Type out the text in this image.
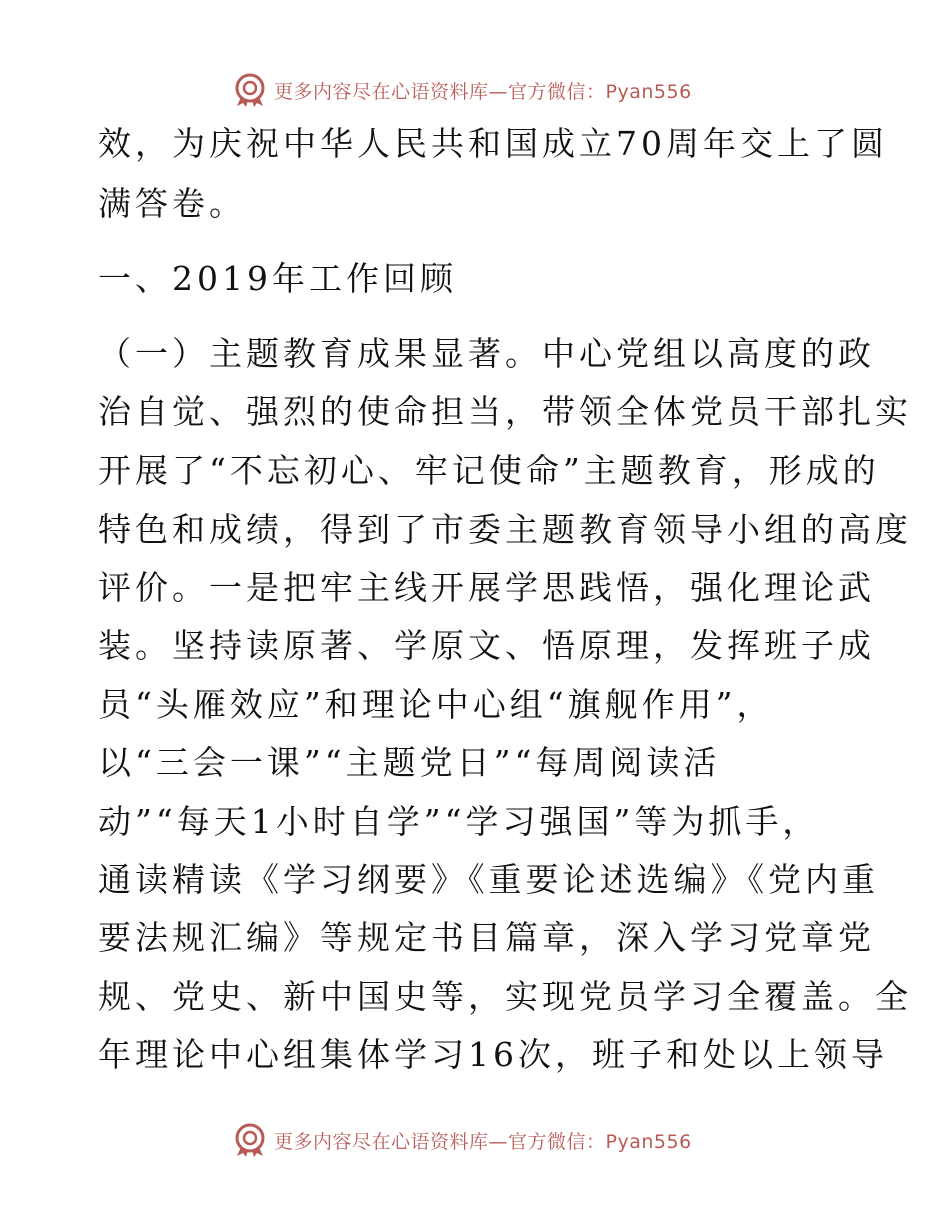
更多内容尽在心语资料库—官方微信：Pyan556
效，为庆祝中华人民共和国成立70周年交上了圆
满答卷。
一、2019年工作回顾
（一）主题教育成果显著。中心党组以高度的政
治自觉、强烈的使命担当，带领全体党员干部扎实
开展了“不忘初心、牢记使命”主题教育，形成的
特色和成绩，得到了市委主题教育领导小组的高度
评价。一是把牢主线开展学思践悟，强化理论武
装。坚持读原著、学原文、悟原理，发挥班子成
员“头雁效应”和理论中心组“旗舰作用”，
以“三会一课”“主题党日”“每周阅读活
动”“每天1小时自学”“学习强国”等为抓手，
通读精读《学习纲要》《重要论述选编》《党内重
要法规汇编》等规定书目篇章，深入学习党章党
规、党史、新中国史等，实现党员学习全覆盖。全
年理论中心组集体学习16次，班子和处以上领导
更多内容尽在心语资料库—官方微信：Pyan556
